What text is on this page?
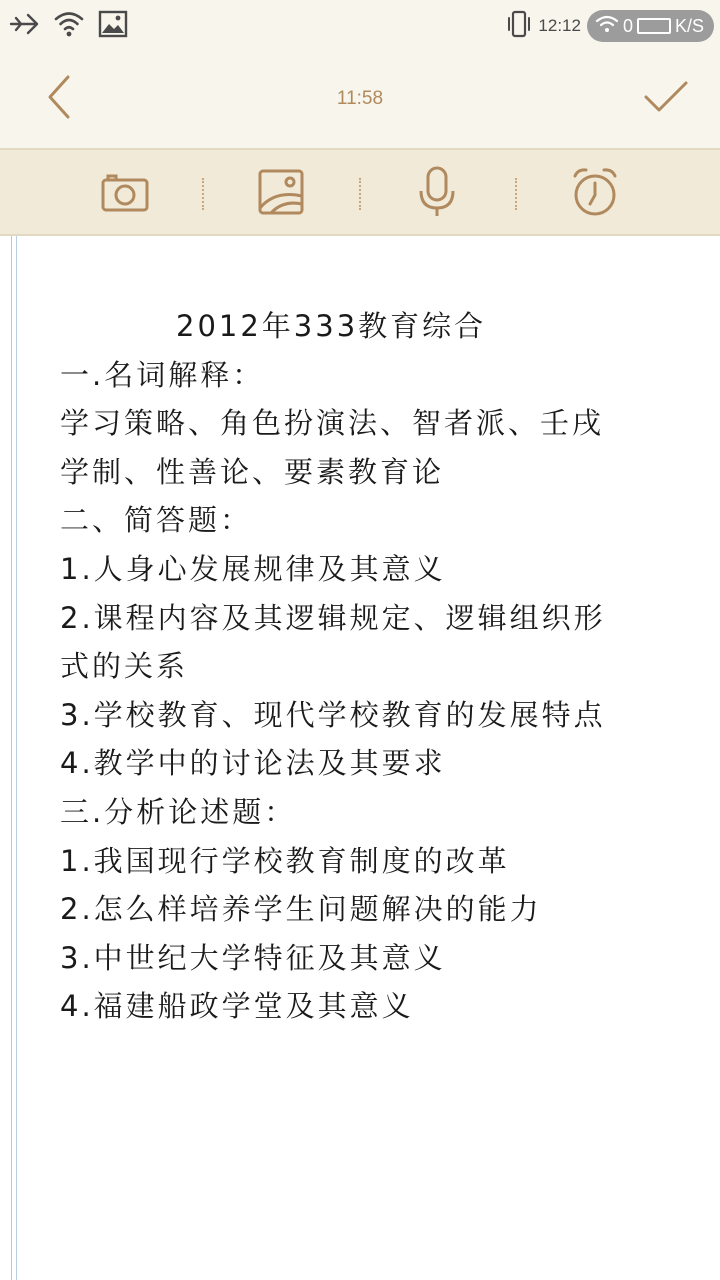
12:12 0 K/S
11:58
2012年333教育综合
一.名词解释：
学习策略、角色扮演法、智者派、壬戌
学制、性善论、要素教育论
二、简答题：
1.人身心发展规律及其意义
2.课程内容及其逻辑规定、逻辑组织形
式的关系
3.学校教育、现代学校教育的发展特点
4.教学中的讨论法及其要求
三.分析论述题：
1.我国现行学校教育制度的改革
2.怎么样培养学生问题解决的能力
3.中世纪大学特征及其意义
4.福建船政学堂及其意义
